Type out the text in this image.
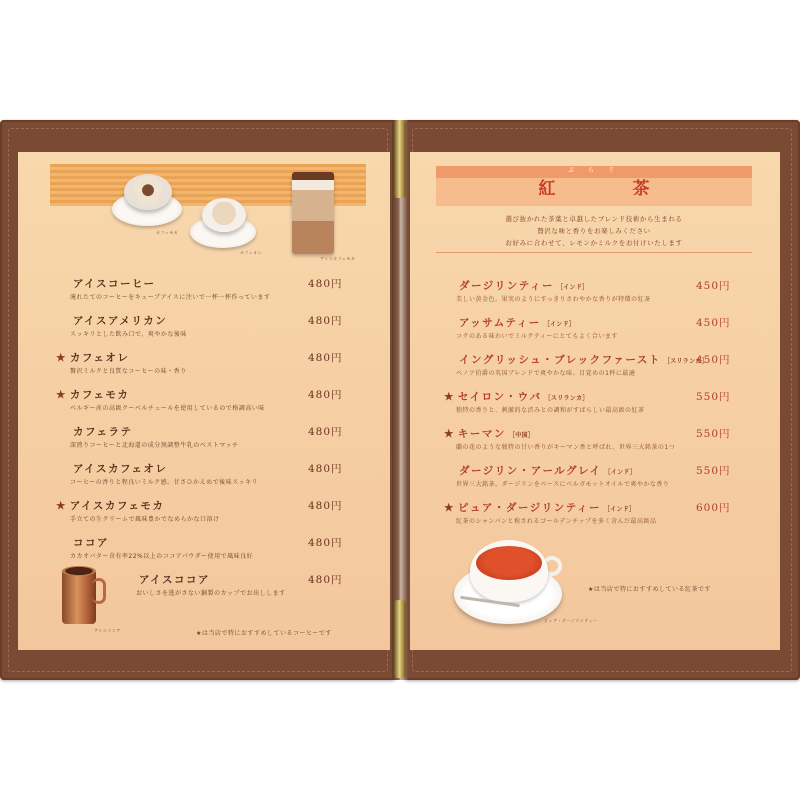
カフェモカ
カフェオレ
アイスカフェモカ
アイスコーヒー
淹れたてのコーヒーをキューブアイスに注いで一杯一杯作っています
480円
アイスアメリカン
スッキリとした飲み口で、爽やかな後味
480円
★ カフェオレ
贅沢ミルクと良質なコーヒーの味・香り
480円
★ カフェモカ
ベルギー産の高級クーベルチュールを使用しているので格調高い味
480円
カフェラテ
深煎りコーヒーと北海道の成分無調整牛乳のベストマッチ
480円
アイスカフェオレ
コーヒーの香りと程良いミルク感。甘さひかえめで後味スッキリ
480円
★ アイスカフェモカ
手立ての生クリームで風味豊かでなめらかな口溶け
480円
ココア
カカオバター含有率22%以上のココアパウダー使用で風味良好
480円
アイスココア
おいしさを逃がさない銅製のカップでお出しします
480円
アイスココア	★は当店で特におすすめしているコーヒーです
ぶ ら ゔ
紅　茶
選び抜かれた茶葉と卓越したブレンド技術から生まれる
贅沢な味と香りをお楽しみください
お好みに合わせて、レモンかミルクをお付けいたします
ダージリンティー ［インド］
美しい黄金色。果実のようにすっきりさわやかな香りが特徴の紅茶
450円
アッサムティー ［インド］
コクのある味わいでミルクティーにとてもよく合います
450円
イングリッシュ・ブレックファースト ［スリランカ］
ベノア伯爵の英国ブレンドで爽やかな味。目覚めの1杯に最適
450円
★ セイロン・ウバ ［スリランカ］
独特の香りと、刺激的な渋みとの調和がすばらしい最高級の紅茶
550円
★ キーマン ［中国］
蘭の花のような独特の甘い香りがキーマン香と呼ばれ、世界三大銘茶の1つ
550円
ダージリン・アールグレイ ［インド］
世界三大銘茶。ダージリンをベースにベルガモットオイルで爽やかな香り
550円
★ ピュア・ダージリンティー ［インド］
紅茶のシャンパンと称されるゴールデンチップを多く含んだ最高級品
600円
ピュア・ダージリンティー
★は当店で特におすすめしている紅茶です
